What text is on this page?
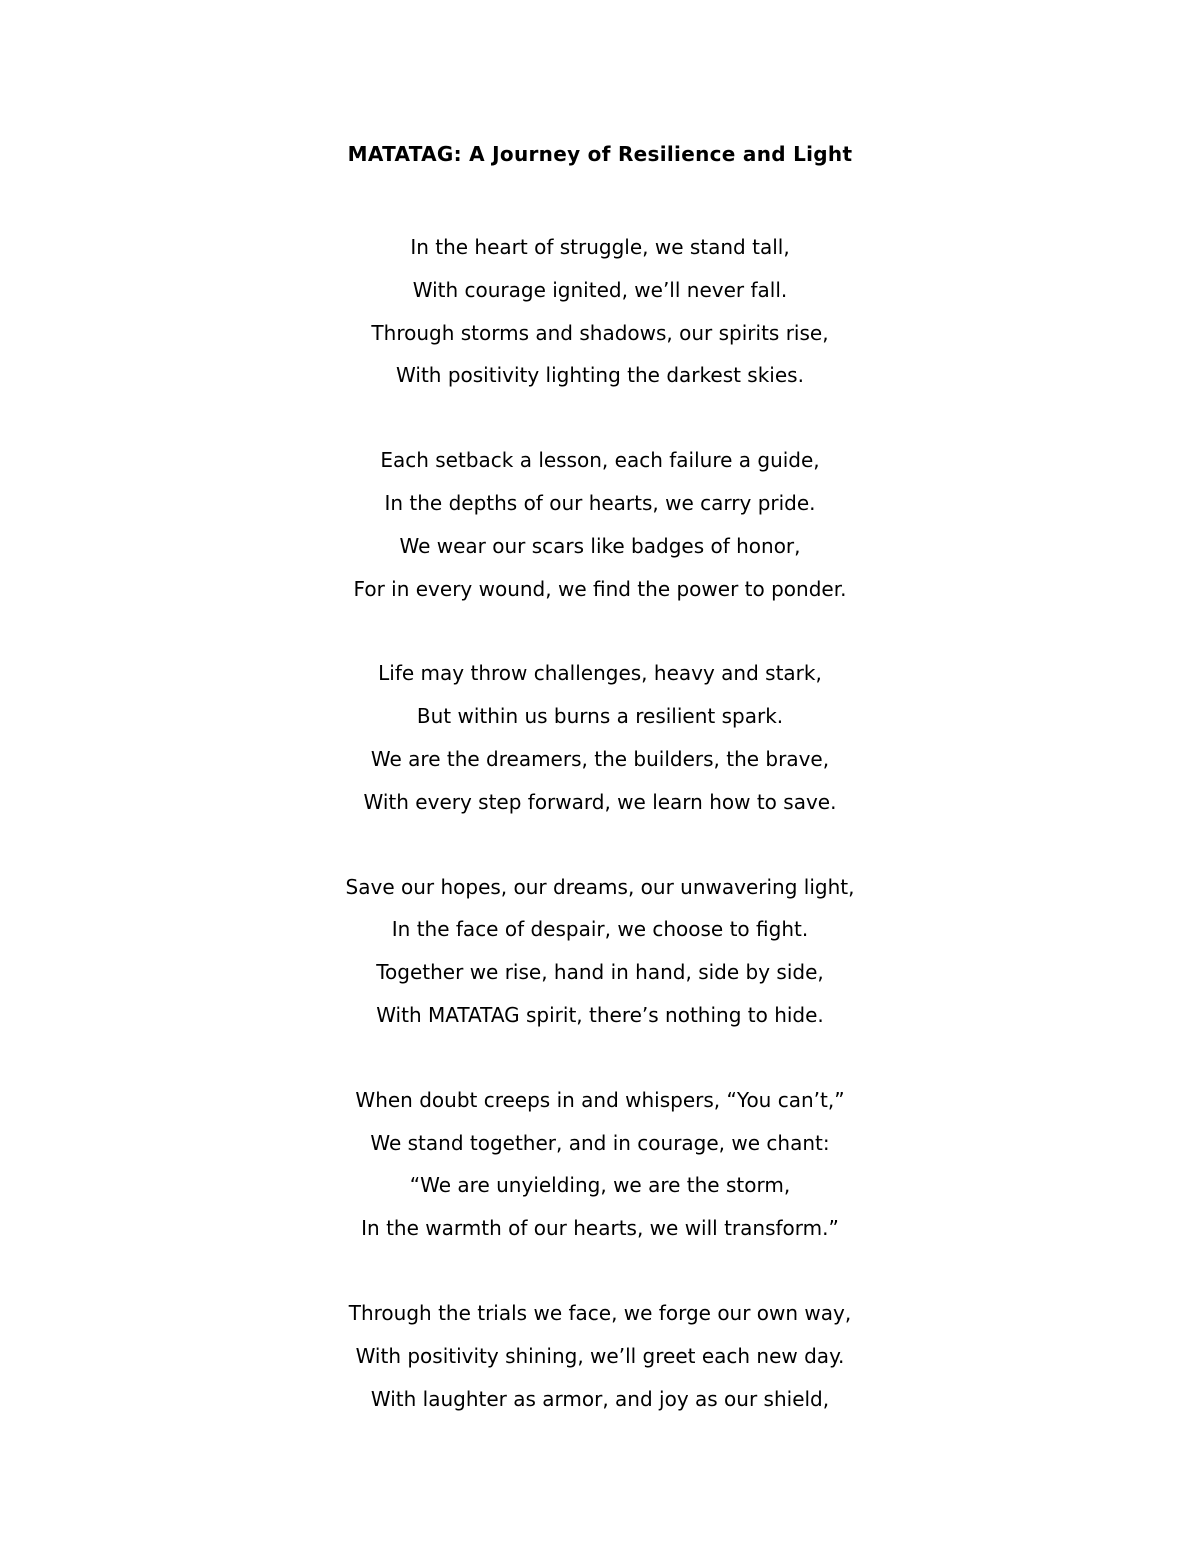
MATATAG: A Journey of Resilience and Light
In the heart of struggle, we stand tall,
With courage ignited, we’ll never fall.
Through storms and shadows, our spirits rise,
With positivity lighting the darkest skies.
Each setback a lesson, each failure a guide,
In the depths of our hearts, we carry pride.
We wear our scars like badges of honor,
For in every wound, we find the power to ponder.
Life may throw challenges, heavy and stark,
But within us burns a resilient spark.
We are the dreamers, the builders, the brave,
With every step forward, we learn how to save.
Save our hopes, our dreams, our unwavering light,
In the face of despair, we choose to fight.
Together we rise, hand in hand, side by side,
With MATATAG spirit, there’s nothing to hide.
When doubt creeps in and whispers, “You can’t,”
We stand together, and in courage, we chant:
“We are unyielding, we are the storm,
In the warmth of our hearts, we will transform.”
Through the trials we face, we forge our own way,
With positivity shining, we’ll greet each new day.
With laughter as armor, and joy as our shield,
